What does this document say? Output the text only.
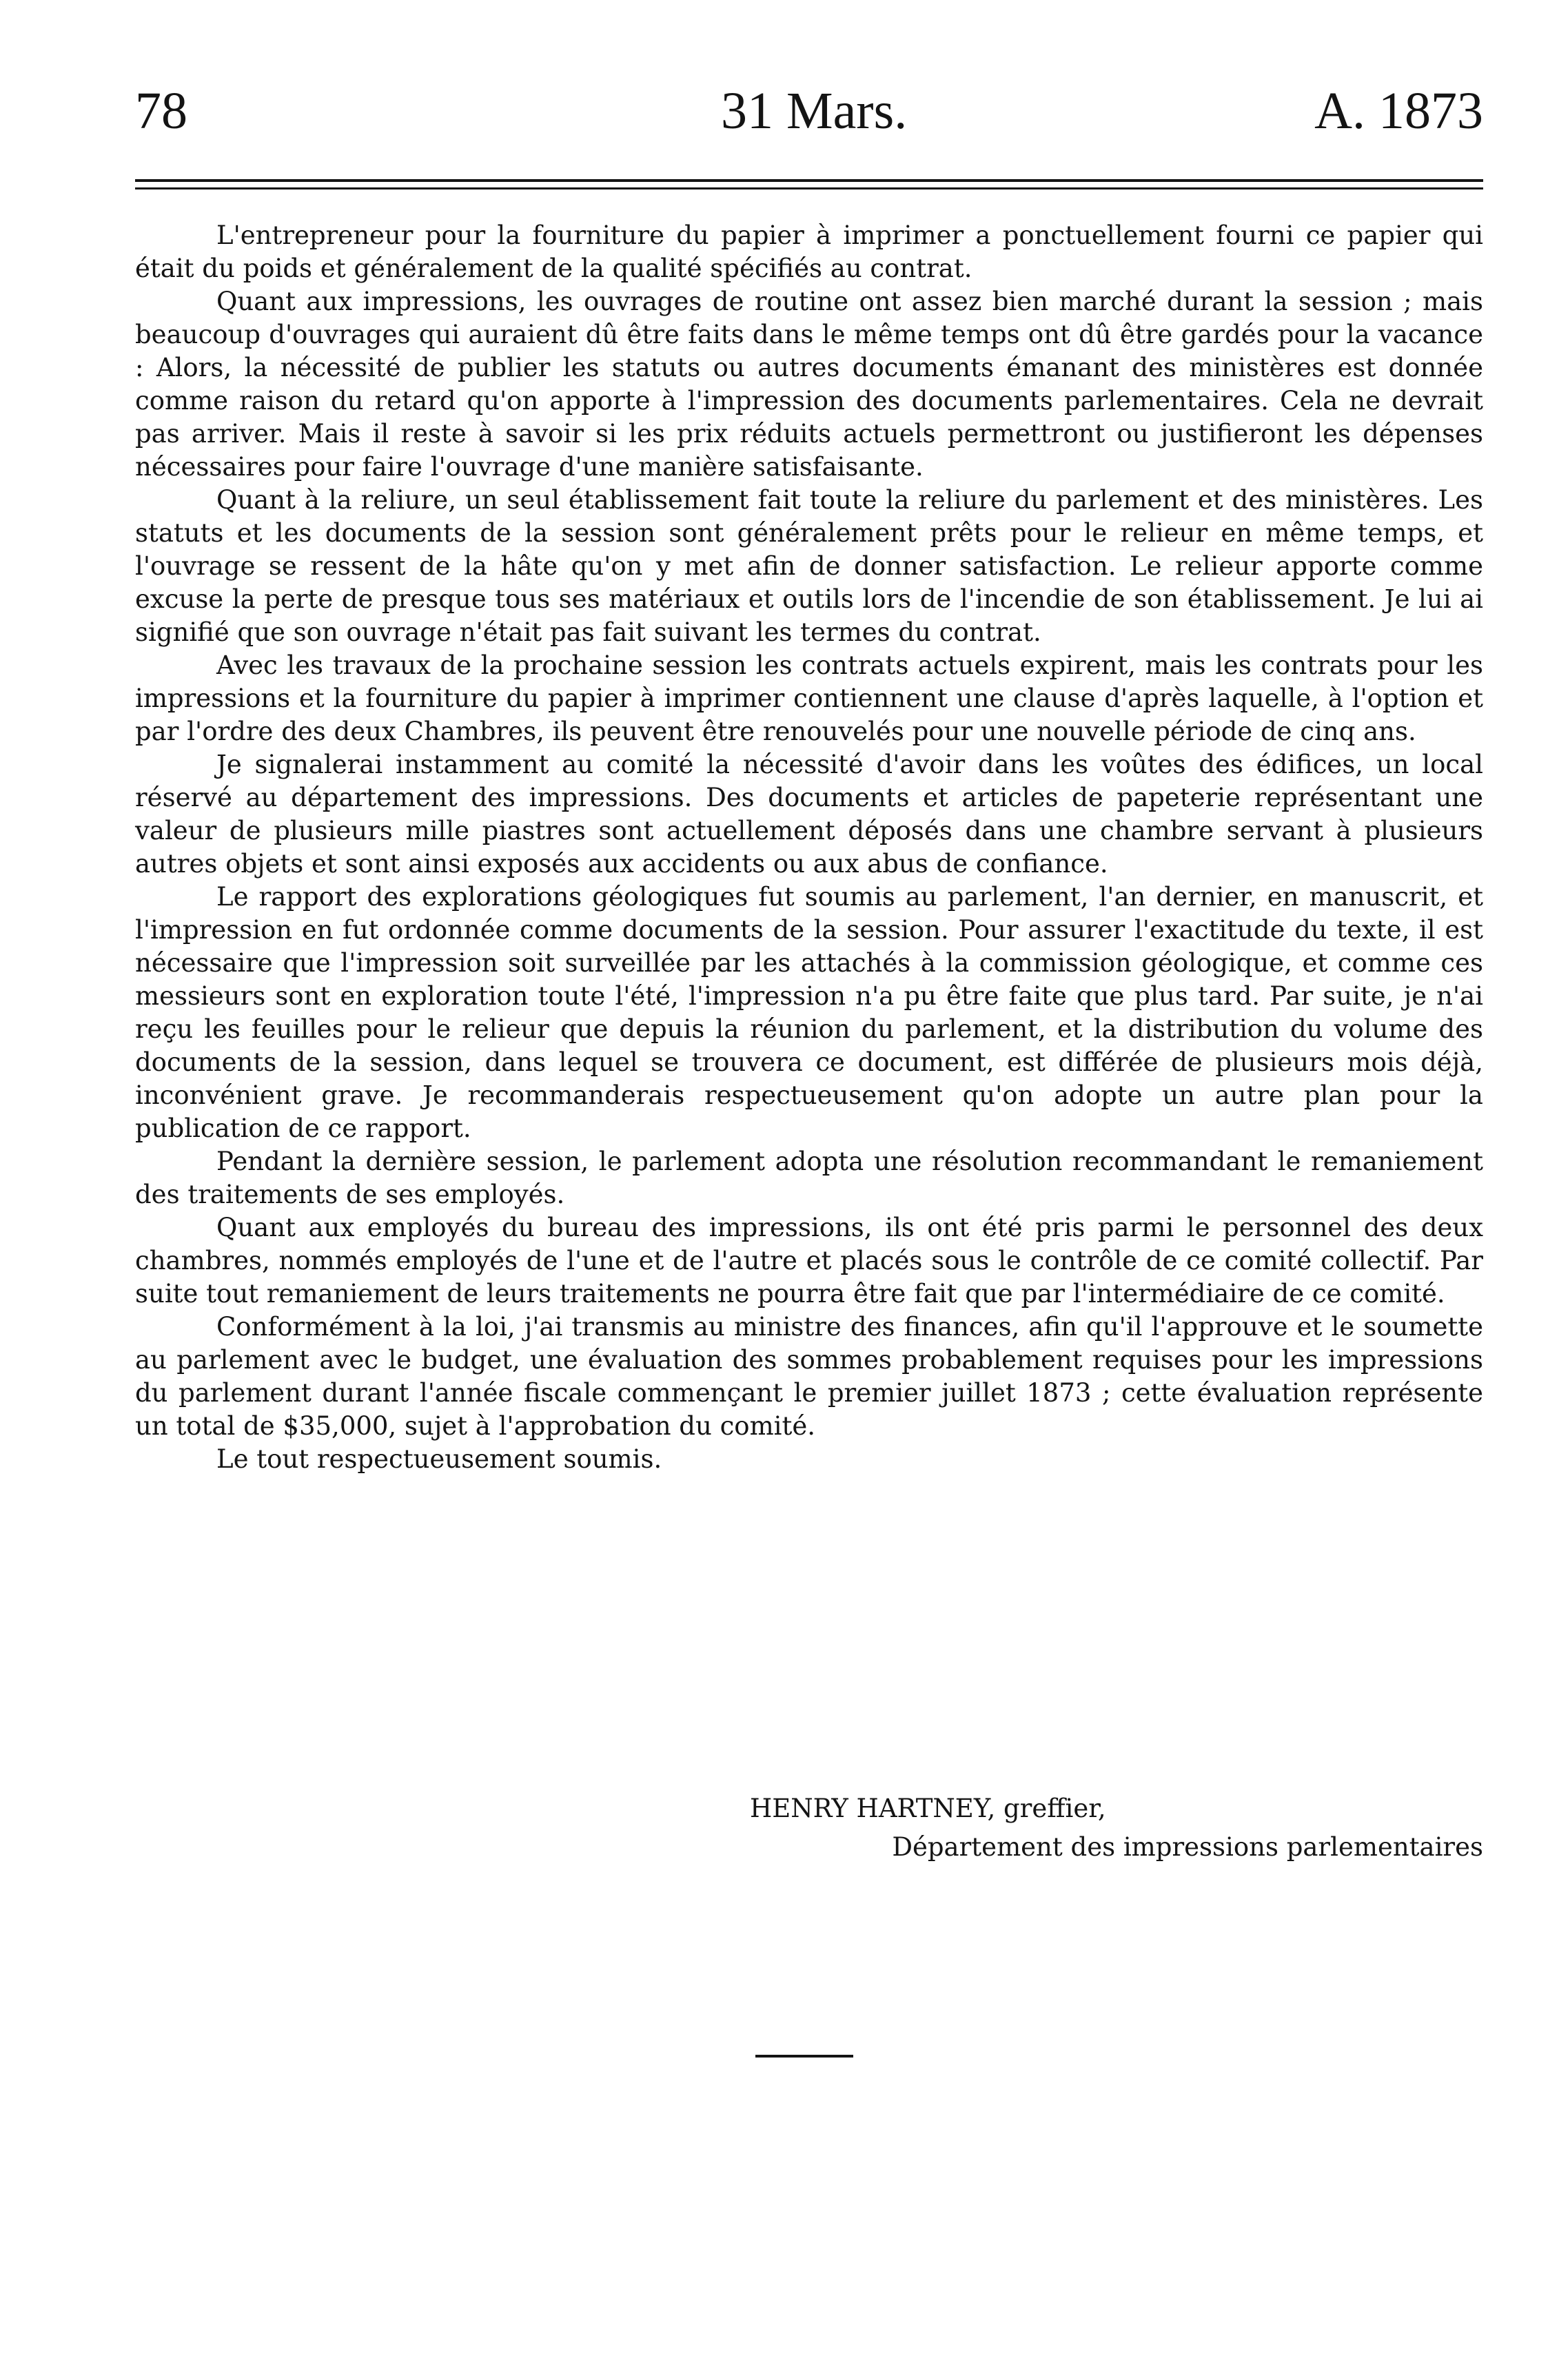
78	31 Mars.	A. 1873

L'entrepreneur pour la fourniture du papier à imprimer a ponctuellement fourni ce papier qui était du poids et généralement de la qualité spécifiés au contrat.

Quant aux impressions, les ouvrages de routine ont assez bien marché durant la session ; mais beaucoup d'ouvrages qui auraient dû être faits dans le même temps ont dû être gardés pour la vacance : Alors, la nécessité de publier les statuts ou autres documents émanant des ministères est donnée comme raison du retard qu'on apporte à l'impression des documents parlementaires. Cela ne devrait pas arriver. Mais il reste à savoir si les prix réduits actuels permettront ou justifieront les dépenses nécessaires pour faire l'ouvrage d'une manière satisfaisante.

Quant à la reliure, un seul établissement fait toute la reliure du parlement et des ministères. Les statuts et les documents de la session sont généralement prêts pour le relieur en même temps, et l'ouvrage se ressent de la hâte qu'on y met afin de donner satisfaction. Le relieur apporte comme excuse la perte de presque tous ses matériaux et outils lors de l'incendie de son établissement. Je lui ai signifié que son ouvrage n'était pas fait suivant les termes du contrat.

Avec les travaux de la prochaine session les contrats actuels expirent, mais les contrats pour les impressions et la fourniture du papier à imprimer contiennent une clause d'après laquelle, à l'option et par l'ordre des deux Chambres, ils peuvent être renouvelés pour une nouvelle période de cinq ans.

Je signalerai instamment au comité la nécessité d'avoir dans les voûtes des édifices, un local réservé au département des impressions. Des documents et articles de papeterie représentant une valeur de plusieurs mille piastres sont actuellement déposés dans une chambre servant à plusieurs autres objets et sont ainsi exposés aux accidents ou aux abus de confiance.

Le rapport des explorations géologiques fut soumis au parlement, l'an dernier, en manuscrit, et l'impression en fut ordonnée comme documents de la session. Pour assurer l'exactitude du texte, il est nécessaire que l'impression soit surveillée par les attachés à la commission géologique, et comme ces messieurs sont en exploration toute l'été, l'impression n'a pu être faite que plus tard. Par suite, je n'ai reçu les feuilles pour le relieur que depuis la réunion du parlement, et la distribution du volume des documents de la session, dans lequel se trouvera ce document, est différée de plusieurs mois déjà, inconvénient grave. Je recommanderais respectueusement qu'on adopte un autre plan pour la publication de ce rapport.

Pendant la dernière session, le parlement adopta une résolution recommandant le remaniement des traitements de ses employés.

Quant aux employés du bureau des impressions, ils ont été pris parmi le personnel des deux chambres, nommés employés de l'une et de l'autre et placés sous le contrôle de ce comité collectif. Par suite tout remaniement de leurs traitements ne pourra être fait que par l'intermédiaire de ce comité.

Conformément à la loi, j'ai transmis au ministre des finances, afin qu'il l'approuve et le soumette au parlement avec le budget, une évaluation des sommes probablement requises pour les impressions du parlement durant l'année fiscale commençant le premier juillet 1873 ; cette évaluation représente un total de $35,000, sujet à l'approbation du comité.

Le tout respectueusement soumis.

HENRY HARTNEY, greffier,
Département des impressions parlementaires
